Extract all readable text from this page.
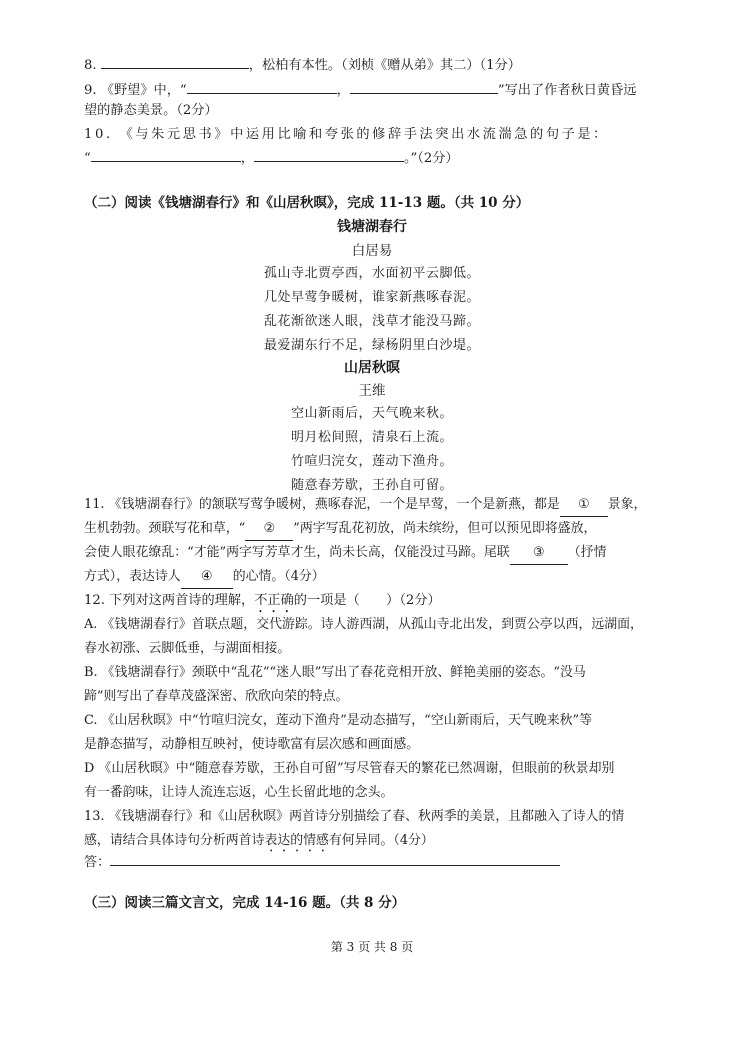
8.	，松柏有本性。（刘桢《赠从弟》其二）（1分）
9. 《野望》中，“	，	”写出了作者秋日黄昏远
望的静态美景。（2分）
10. 《与朱元思书》中运用比喻和夸张的修辞手法突出水流湍急的句子是：
“	，	。”（2分）
（二）阅读《钱塘湖春行》和《山居秋暝》，完成 11-13 题。（共 10 分）
钱塘湖春行
白居易
孤山寺北贾亭西，水面初平云脚低。
几处早莺争暖树，谁家新燕啄春泥。
乱花渐欲迷人眼，浅草才能没马蹄。
最爱湖东行不足，绿杨阴里白沙堤。
山居秋暝
王维
空山新雨后，天气晚来秋。
明月松间照，清泉石上流。
竹喧归浣女，莲动下渔舟。
随意春芳歇，王孙自可留。
11. 《钱塘湖春行》的颔联写莺争暖树，燕啄春泥，一个是早莺，一个是新燕，都是 ① 景象，
生机勃勃。颈联写花和草，“ ② ”两字写乱花初放，尚未缤纷，但可以预见即将盛放，
会使人眼花缭乱：“才能”两字写芳草才生，尚未长高，仅能没过马蹄。尾联 ③ （抒情
方式），表达诗人 ④ 的心情。（4分）
12. 下列对这两首诗的理解，不正确的一项是（　　）（2分）
A. 《钱塘湖春行》首联点题，交代游踪。诗人游西湖，从孤山寺北出发，到贾公亭以西，远湖面，
春水初涨、云脚低垂，与湖面相接。
B. 《钱塘湖春行》颈联中“乱花”“迷人眼”写出了春花竞相开放、鲜艳美丽的姿态。“没马
蹄”则写出了春草茂盛深密、欣欣向荣的特点。
C. 《山居秋暝》中“竹喧归浣女，莲动下渔舟”是动态描写，“空山新雨后，天气晚来秋”等
是静态描写，动静相互映衬，使诗歌富有层次感和画面感。
D 《山居秋暝》中“随意春芳歇，王孙自可留”写尽管春天的繁花已然凋谢，但眼前的秋景却别
有一番韵味，让诗人流连忘返，心生长留此地的念头。
13. 《钱塘湖春行》和《山居秋暝》两首诗分别描绘了春、秋两季的美景，且都融入了诗人的情
感，请结合具体诗句分析两首诗表达的情感有何异同。（4分）
答：
（三）阅读三篇文言文，完成 14-16 题。（共 8 分）
第 3 页 共 8 页
